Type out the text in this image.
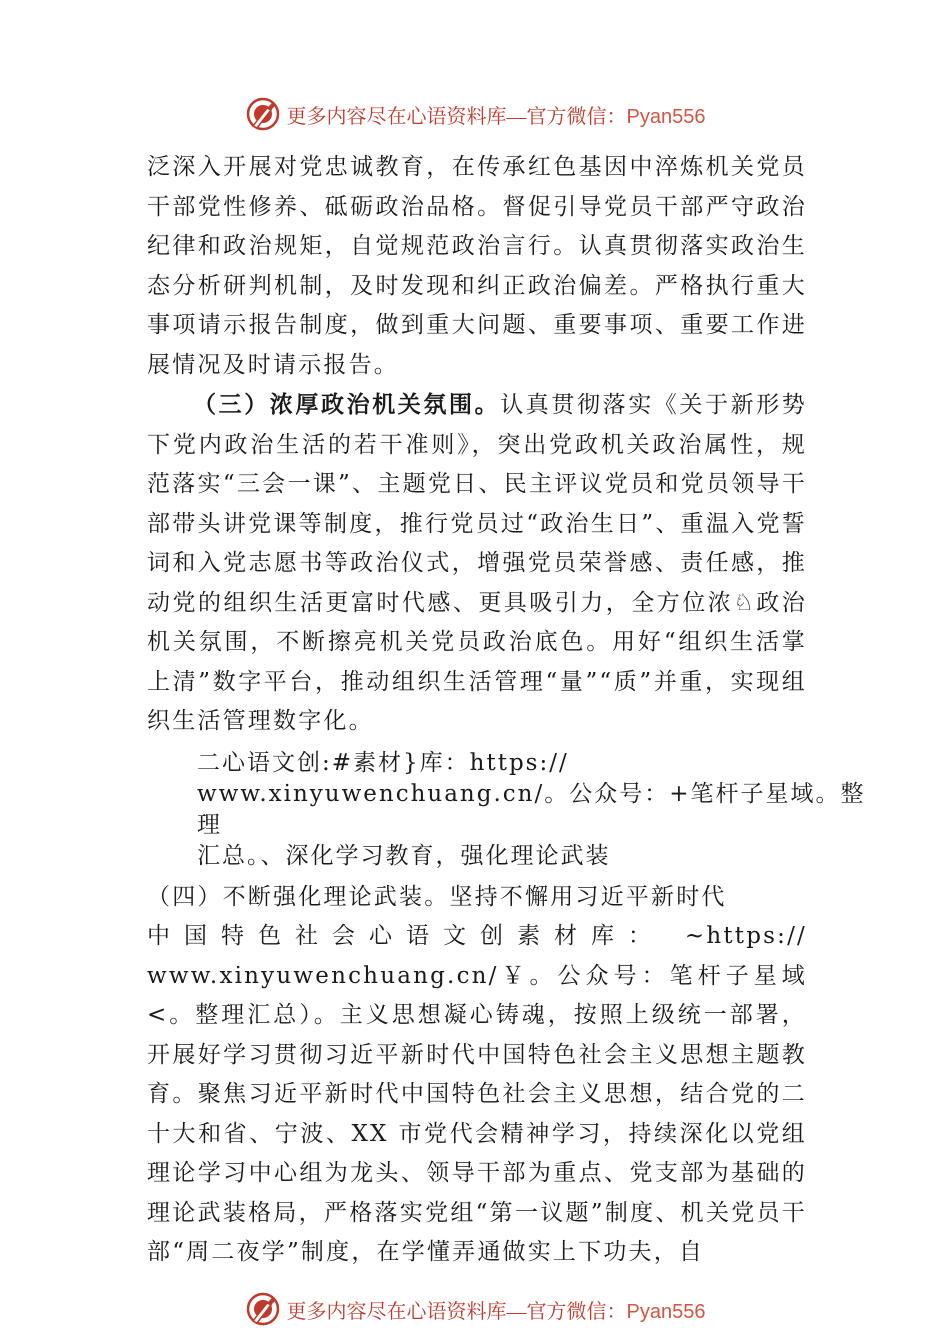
更多内容尽在心语资料库—官方微信：Pyan556

泛深入开展对党忠诚教育，在传承红色基因中淬炼机关党员干部党性修养、砥砺政治品格。督促引导党员干部严守政治纪律和政治规矩，自觉规范政治言行。认真贯彻落实政治生态分析研判机制，及时发现和纠正政治偏差。严格执行重大事项请示报告制度，做到重大问题、重要事项、重要工作进展情况及时请示报告。

（三）浓厚政治机关氛围。认真贯彻落实《关于新形势下党内政治生活的若干准则》，突出党政机关政治属性，规范落实“三会一课”、主题党日、民主评议党员和党员领导干部带头讲党课等制度，推行党员过“政治生日”、重温入党誓词和入党志愿书等政治仪式，增强党员荣誉感、责任感，推动党的组织生活更富时代感、更具吸引力，全方位浓♘政治机关氛围，不断擦亮机关党员政治底色。用好“组织生活掌上清”数字平台，推动组织生活管理“量”“质”并重，实现组织生活管理数字化。

二心语文创:#素材}库：https://

www.xinyuwenchuang.cn/。公众号：+笔杆子星域。整理

汇总。、深化学习教育，强化理论武装

（四）不断强化理论武装。坚持不懈用习近平新时代
中国特色社会心语文创素材库： ~https://
www.xinyuwenchuang.cn/￥。公众号：笔杆子星域<。整理汇总）。主义思想凝心铸魂，按照上级统一部署，开展好学习贯彻习近平新时代中国特色社会主义思想主题教育。聚焦习近平新时代中国特色社会主义思想，结合党的二十大和省、宁波、XX 市党代会精神学习，持续深化以党组理论学习中心组为龙头、领导干部为重点、党支部为基础的理论武装格局，严格落实党组“第一议题”制度、机关党员干部“周二夜学”制度，在学懂弄通做实上下功夫，自

更多内容尽在心语资料库—官方微信：Pyan556
